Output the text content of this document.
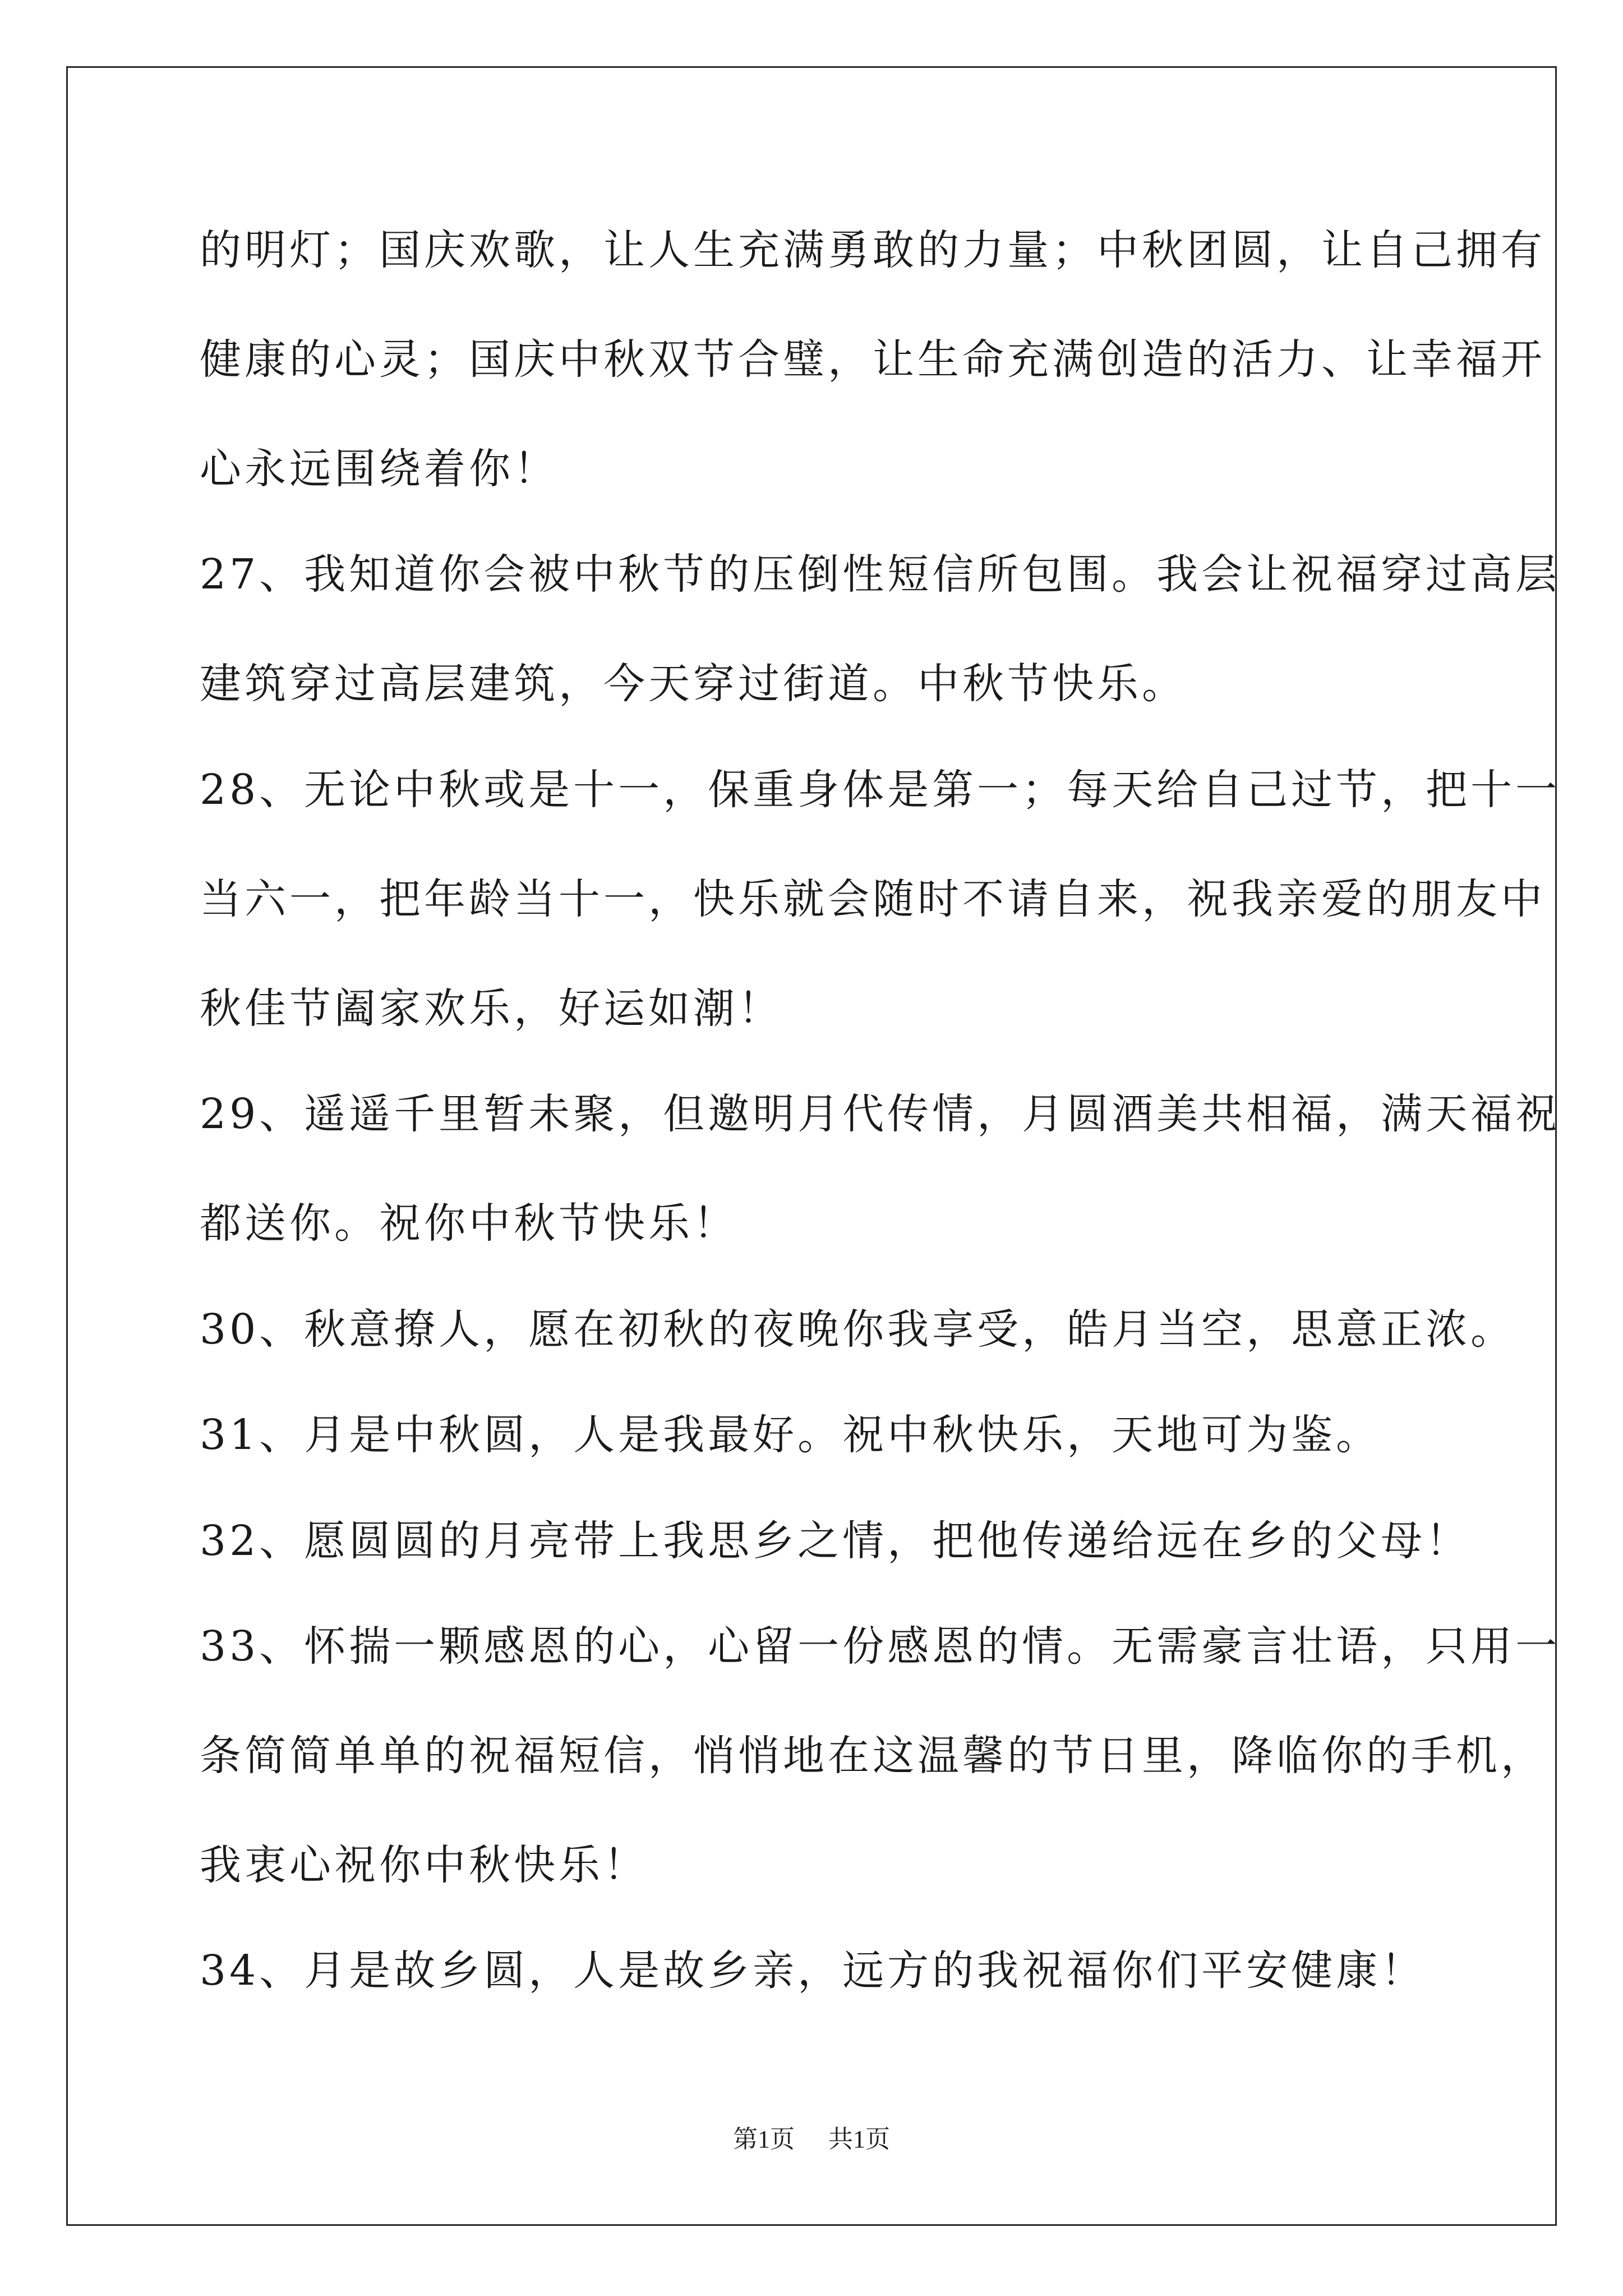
的明灯；国庆欢歌，让人生充满勇敢的力量；中秋团圆，让自己拥有
健康的心灵；国庆中秋双节合璧，让生命充满创造的活力、让幸福开
心永远围绕着你！
27、我知道你会被中秋节的压倒性短信所包围。我会让祝福穿过高层
建筑穿过高层建筑，今天穿过街道。中秋节快乐。
28、无论中秋或是十一，保重身体是第一；每天给自己过节，把十一
当六一，把年龄当十一，快乐就会随时不请自来，祝我亲爱的朋友中
秋佳节阖家欢乐，好运如潮！
29、遥遥千里暂未聚，但邀明月代传情，月圆酒美共相福，满天福祝
都送你。祝你中秋节快乐！
30、秋意撩人，愿在初秋的夜晚你我享受，皓月当空，思意正浓。
31、月是中秋圆，人是我最好。祝中秋快乐，天地可为鉴。
32、愿圆圆的月亮带上我思乡之情，把他传递给远在乡的父母！
33、怀揣一颗感恩的心，心留一份感恩的情。无需豪言壮语，只用一
条简简单单的祝福短信，悄悄地在这温馨的节日里，降临你的手机，
我衷心祝你中秋快乐！
34、月是故乡圆，人是故乡亲，远方的我祝福你们平安健康！
第1页 共1页
